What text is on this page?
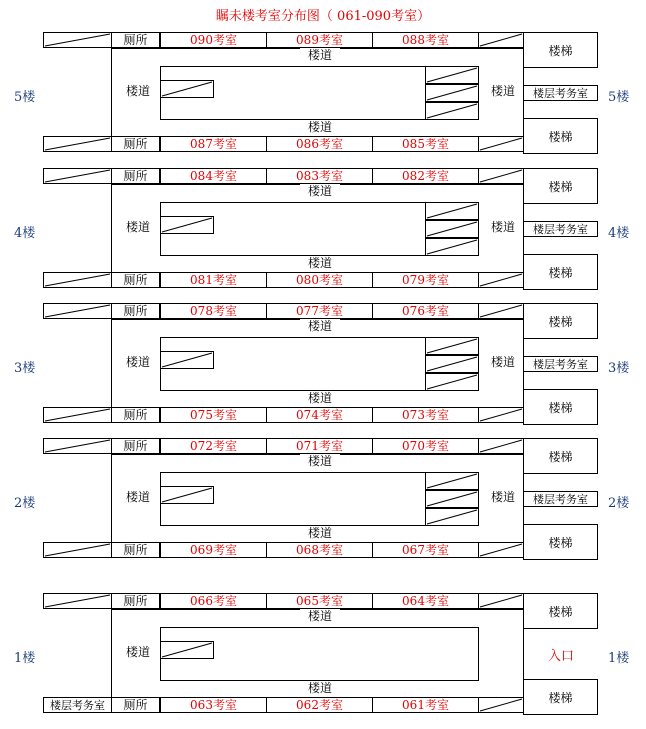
瞩未楼考室分布图（ 061-090考室）
厕所	090考室	089考室	088考室
厕所	087考室	086考室	085考室
楼道
楼道
楼道	楼道
楼梯
楼梯
楼层考务室
5楼	5楼
厕所	084考室	083考室	082考室
厕所	081考室	080考室	079考室
楼道
楼道
楼道	楼道
楼梯
楼梯
楼层考务室
4楼	4楼
厕所	078考室	077考室	076考室
厕所	075考室	074考室	073考室
楼道
楼道
楼道	楼道
楼梯
楼梯
楼层考务室
3楼	3楼
厕所	072考室	071考室	070考室
厕所	069考室	068考室	067考室
楼道
楼道
楼道	楼道
楼梯
楼梯
楼层考务室
2楼	2楼
厕所	066考室	065考室	064考室
楼层考务室	厕所	063考室	062考室	061考室
楼道
楼道
楼道
楼梯
楼梯
入口
1楼	1楼
